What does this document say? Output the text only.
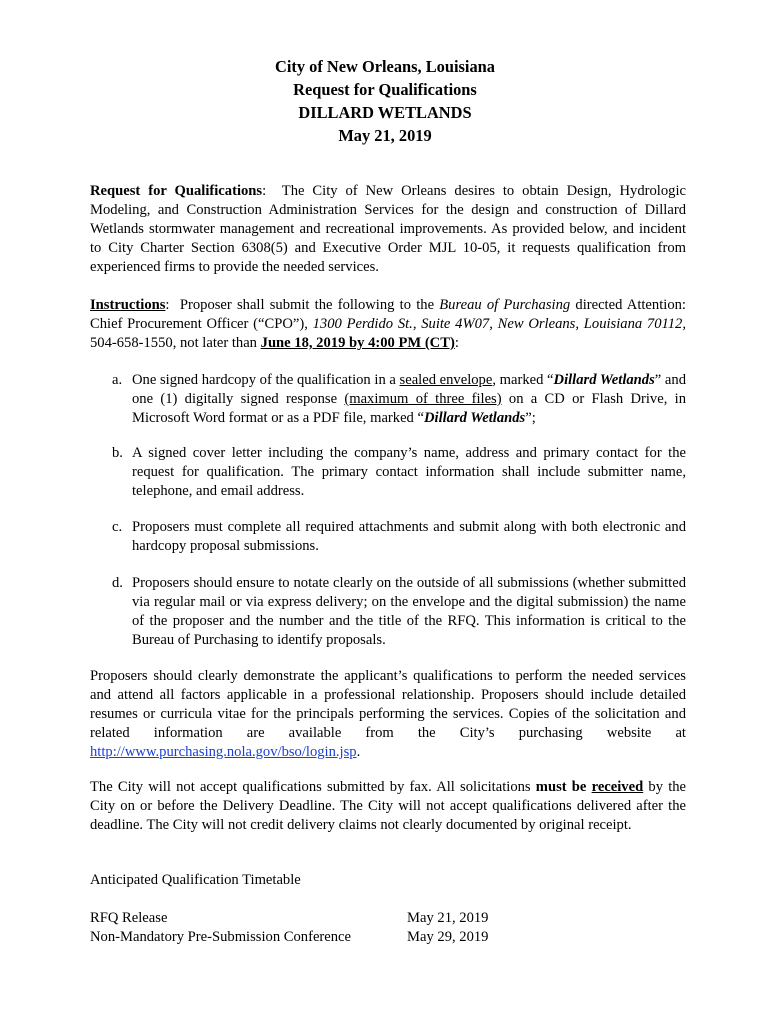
City of New Orleans, Louisiana
Request for Qualifications
DILLARD WETLANDS
May 21, 2019

Request for Qualifications: The City of New Orleans desires to obtain Design, Hydrologic Modeling, and Construction Administration Services for the design and construction of Dillard Wetlands stormwater management and recreational improvements. As provided below, and incident to City Charter Section 6308(5) and Executive Order MJL 10-05, it requests qualification from experienced firms to provide the needed services.

Instructions: Proposer shall submit the following to the Bureau of Purchasing directed Attention: Chief Procurement Officer (“CPO”), 1300 Perdido St., Suite 4W07, New Orleans, Louisiana 70112, 504-658-1550, not later than June 18, 2019 by 4:00 PM (CT):

a. One signed hardcopy of the qualification in a sealed envelope, marked “Dillard Wetlands” and one (1) digitally signed response (maximum of three files) on a CD or Flash Drive, in Microsoft Word format or as a PDF file, marked “Dillard Wetlands”;
b. A signed cover letter including the company’s name, address and primary contact for the request for qualification. The primary contact information shall include submitter name, telephone, and email address.
c. Proposers must complete all required attachments and submit along with both electronic and hardcopy proposal submissions.
d. Proposers should ensure to notate clearly on the outside of all submissions (whether submitted via regular mail or via express delivery; on the envelope and the digital submission) the name of the proposer and the number and the title of the RFQ. This information is critical to the Bureau of Purchasing to identify proposals.

Proposers should clearly demonstrate the applicant’s qualifications to perform the needed services and attend all factors applicable in a professional relationship. Proposers should include detailed resumes or curricula vitae for the principals performing the services. Copies of the solicitation and related information are available from the City’s purchasing website at http://www.purchasing.nola.gov/bso/login.jsp.

The City will not accept qualifications submitted by fax. All solicitations must be received by the City on or before the Delivery Deadline. The City will not accept qualifications delivered after the deadline. The City will not credit delivery claims not clearly documented by original receipt.

Anticipated Qualification Timetable

RFQ Release	May 21, 2019
Non-Mandatory Pre-Submission Conference	May 29, 2019
